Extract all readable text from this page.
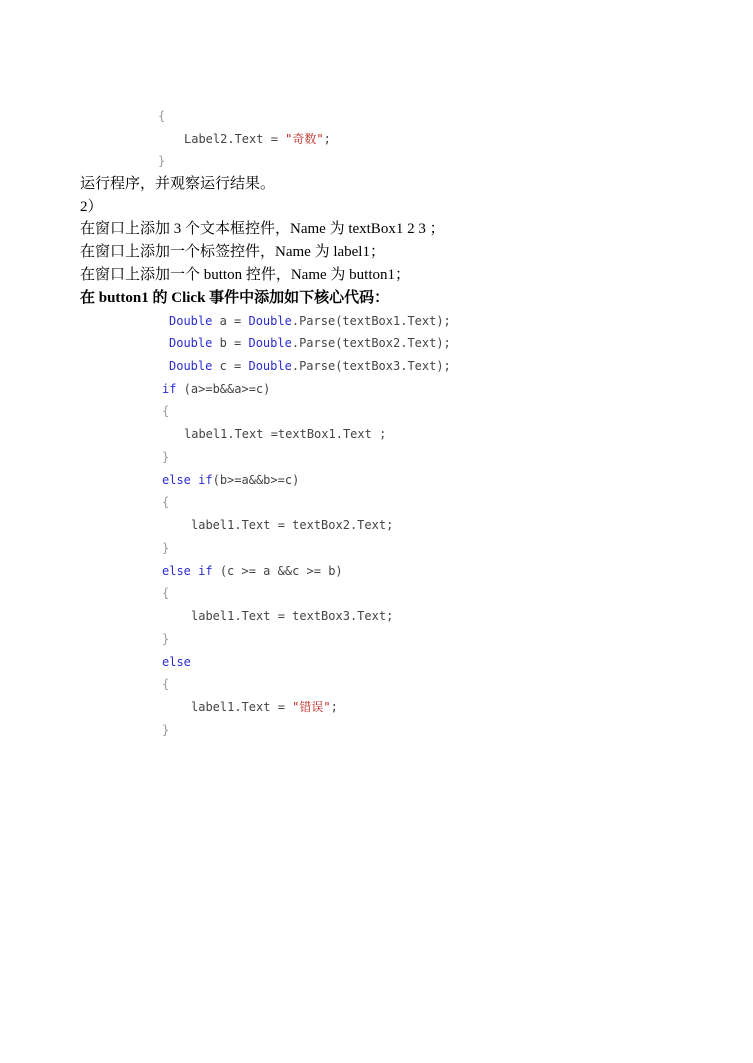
{
Label2.Text = "奇数";
}
运行程序，并观察运行结果。
2）
在窗口上添加 3 个文本框控件，Name 为 textBox1 2 3 ；
在窗口上添加一个标签控件，Name 为 label1；
在窗口上添加一个 button 控件，Name 为 button1；
在 button1 的 Click 事件中添加如下核心代码：
Double a = Double.Parse(textBox1.Text);
Double b = Double.Parse(textBox2.Text);
Double c = Double.Parse(textBox3.Text);
if (a>=b&&a>=c)
{
label1.Text =textBox1.Text ;
}
else if(b>=a&&b>=c)
{
label1.Text = textBox2.Text;
}
else if (c >= a &&c >= b)
{
label1.Text = textBox3.Text;
}
else
{
label1.Text = "错误";
}
